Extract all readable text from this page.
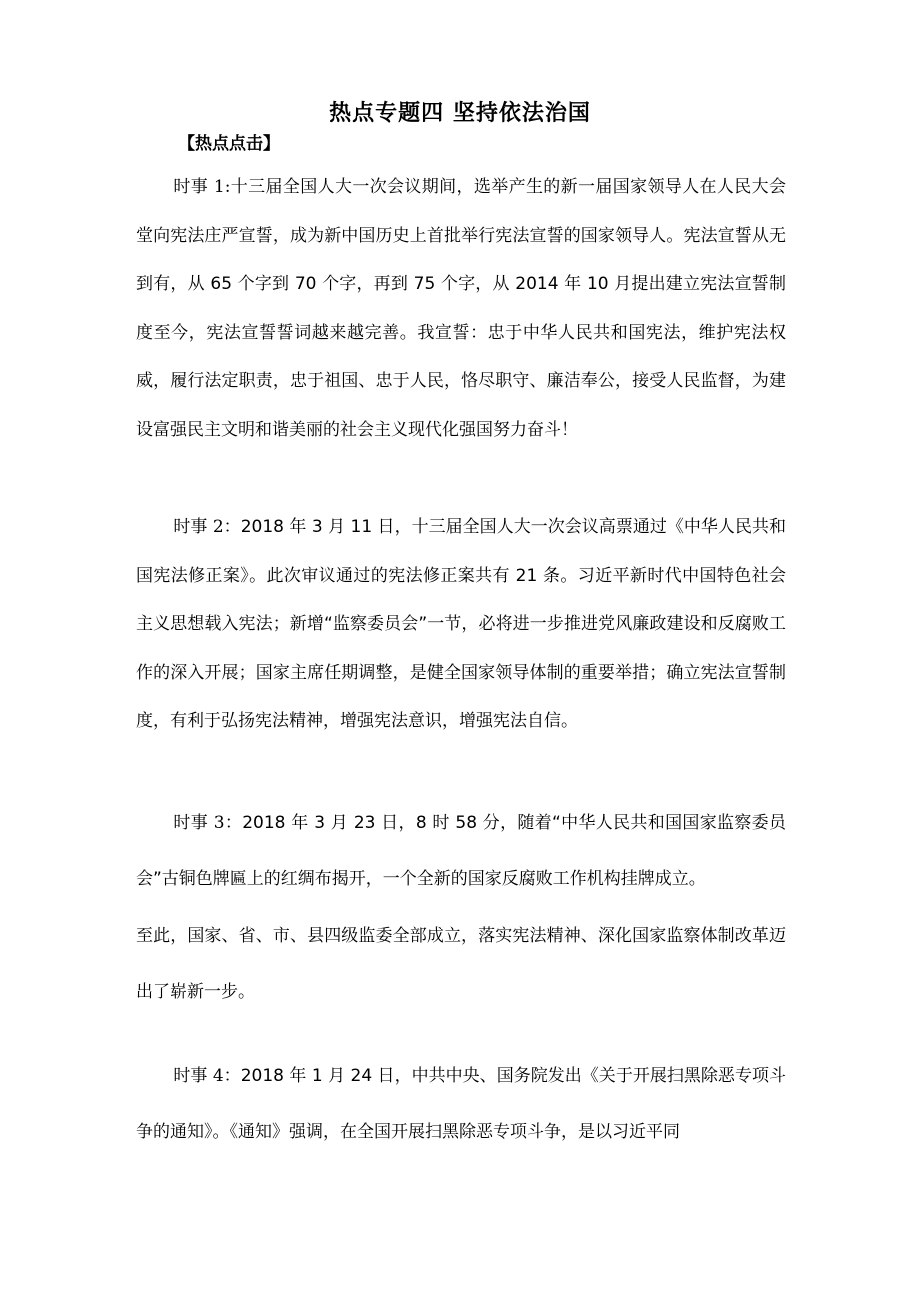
热点专题四 坚持依法治国
【热点点击】

时事 1:十三届全国人大一次会议期间，选举产生的新一届国家领导人在人民大会堂向宪法庄严宣誓，成为新中国历史上首批举行宪法宣誓的国家领导人。宪法宣誓从无到有，从 65 个字到 70 个字，再到 75 个字，从 2014 年 10 月提出建立宪法宣誓制度至今，宪法宣誓誓词越来越完善。我宣誓：忠于中华人民共和国宪法，维护宪法权威，履行法定职责，忠于祖国、忠于人民，恪尽职守、廉洁奉公，接受人民监督，为建设富强民主文明和谐美丽的社会主义现代化强国努力奋斗！

时事 2：2018 年 3 月 11 日，十三届全国人大一次会议高票通过《中华人民共和国宪法修正案》。此次审议通过的宪法修正案共有 21 条。习近平新时代中国特色社会主义思想载入宪法；新增“监察委员会”一节，必将进一步推进党风廉政建设和反腐败工作的深入开展；国家主席任期调整，是健全国家领导体制的重要举措；确立宪法宣誓制度，有利于弘扬宪法精神，增强宪法意识，增强宪法自信。

时事 3：2018 年 3 月 23 日，8 时 58 分，随着“中华人民共和国国家监察委员会”古铜色牌匾上的红绸布揭开，一个全新的国家反腐败工作机构挂牌成立。

至此，国家、省、市、县四级监委全部成立，落实宪法精神、深化国家监察体制改革迈出了崭新一步。

时事 4：2018 年 1 月 24 日，中共中央、国务院发出《关于开展扫黑除恶专项斗争的通知》。《通知》强调，在全国开展扫黑除恶专项斗争，是以习近平同
